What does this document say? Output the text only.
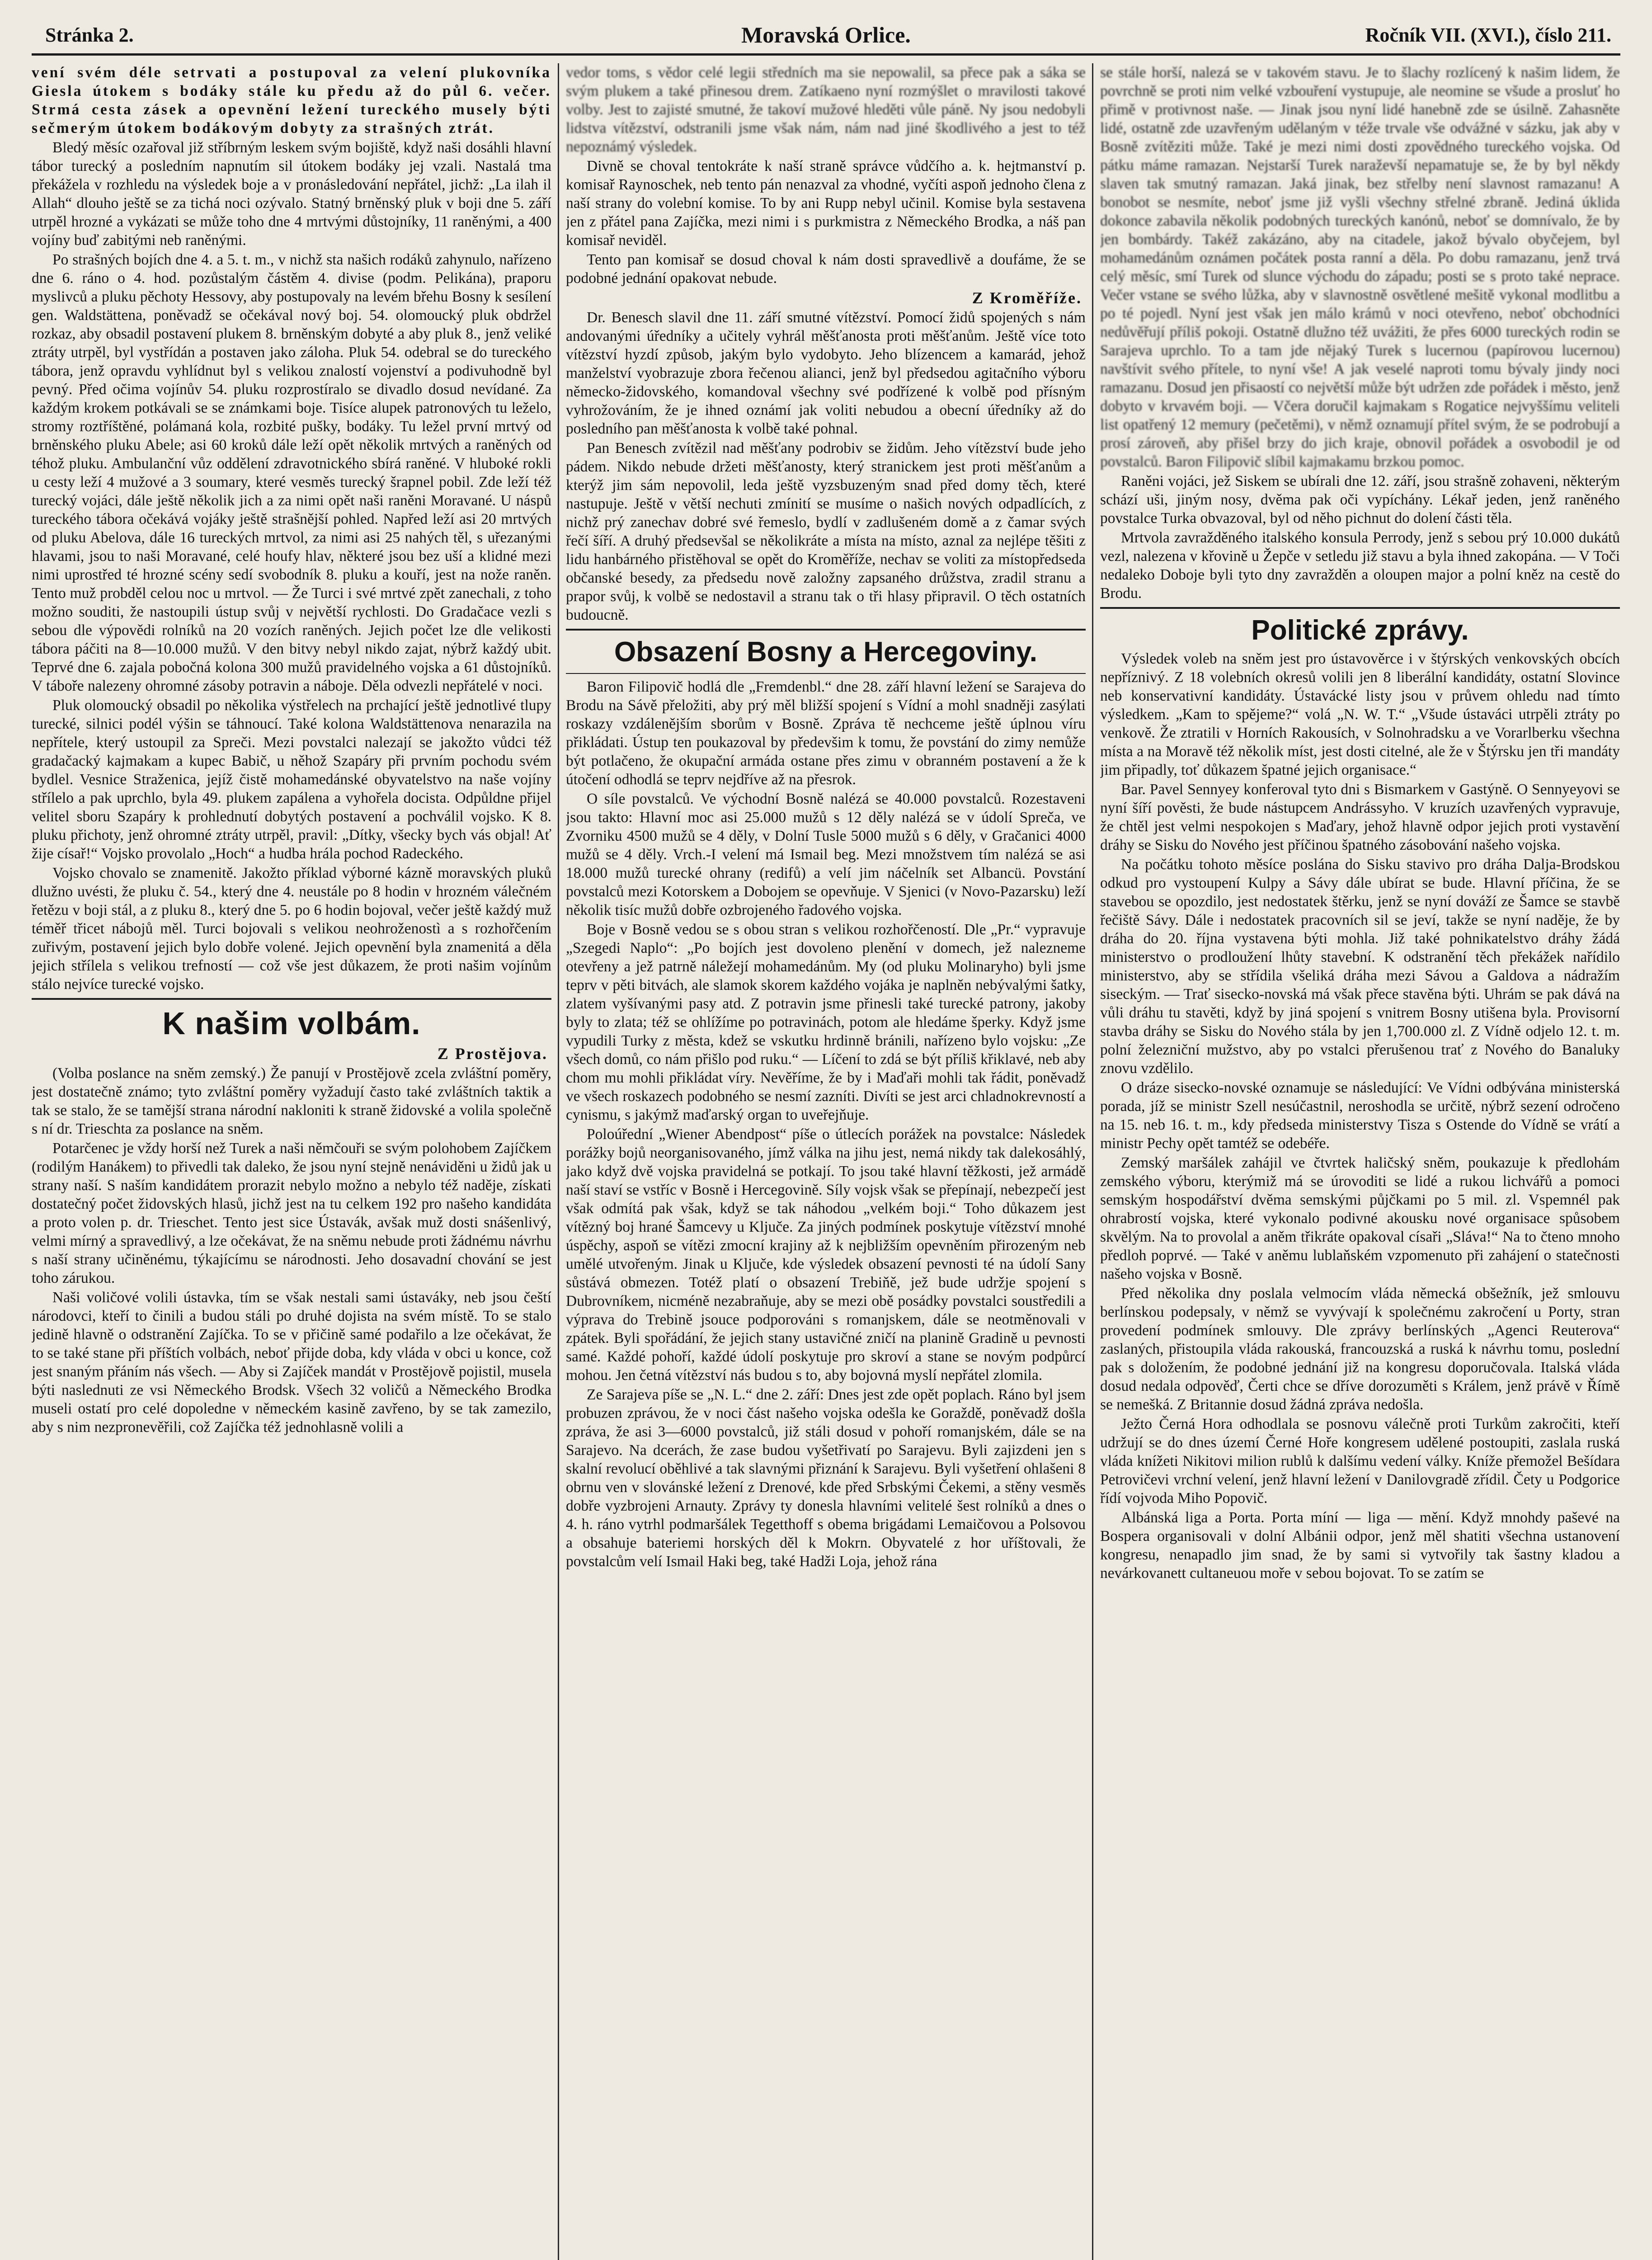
Stránka 2.	Moravská Orlice.	Ročník VII. (XVI.), číslo 211.

vení svém déle setrvati a postupoval za velení plukovníka Giesla útokem s bodáky stále ku předu až do půl 6. večer. Strmá cesta zásek a opevnění ležení tureckého musely býti sečmerým útokem bodákovým dobyty za strašných ztrát.

Bledý měsíc ozařoval již stříbrným leskem svým bojiště, když naši dosáhli hlavní tábor turecký a posledním napnutím sil útokem bodáky jej vzali. Nastalá tma překážela v rozhledu na výsledek boje a v pronásledování nepřátel, jichž: „La ilah il Allah“ dlouho ještě se za tichá noci ozývalo. Statný brněnský pluk v boji dne 5. září utrpěl hrozné a vykázati se může toho dne 4 mrtvými důstojníky, 11 raněnými, a 400 vojíny buď zabitými neb raněnými.

Po strašných bojích dne 4. a 5. t. m., v nichž sta našich rodáků zahynulo, nařízeno dne 6. ráno o 4. hod. pozůstalým částěm 4. divise (podm. Pelikána), praporu myslivců a pluku pěchoty Hessovy, aby postupovaly na levém břehu Bosny k sesílení gen. Waldstättena, poněvadž se očekával nový boj. 54. olomoucký pluk obdržel rozkaz, aby obsadil postavení plukem 8. brněnským dobyté a aby pluk 8., jenž veliké ztráty utrpěl, byl vystřídán a postaven jako záloha. Pluk 54. odebral se do tureckého tábora, jenž opravdu vyhlídnut byl s velikou znalostí vojenství a podivuhodně byl pevný. Před očima vojínův 54. pluku rozprostíralo se divadlo dosud nevídané. Za každým krokem potkávali se se známkami boje. Tisíce alupek patronových tu leželo, stromy roztříštěné, polámaná kola, rozbité pušky, bodáky. Tu ležel první mrtvý od brněnského pluku Abele; asi 60 kroků dále leží opět několik mrtvých a raněných od téhož pluku. Ambulanční vůz oddělení zdravotnického sbírá raněné. V hluboké rokli u cesty leží 4 mužové a 3 soumary, které vesměs turecký šrapnel pobil. Zde leží též turecký vojáci, dále ještě několik jich a za nimi opět naši raněni Moravané. U náspů tureckého tábora očekává vojáky ještě strašnější pohled. Napřed leží asi 20 mrtvých od pluku Abelova, dále 16 tureckých mrtvol, za nimi asi 25 nahých těl, s uřezanými hlavami, jsou to naši Moravané, celé houfy hlav, některé jsou bez uší a klidné mezi nimi uprostřed té hrozné scény sedí svobodník 8. pluku a kouří, jest na nože raněn. Tento muž probděl celou noc u mrtvol. — Že Turci i své mrtvé zpět zanechali, z toho možno souditi, že nastoupili ústup svůj v největší rychlosti. Do Gradačace vezli s sebou dle výpovědi rolníků na 20 vozích raněných. Jejich počet lze dle velikosti tábora páčiti na 8—10.000 mužů. V den bitvy nebyl nikdo zajat, nýbrž každý ubit. Teprvé dne 6. zajala pobočná kolona 300 mužů pravidelného vojska a 61 důstojníků. V táboře nalezeny ohromné zásoby potravin a náboje. Děla odvezli nepřátelé v noci.

Pluk olomoucký obsadil po několika výstřelech na prchající ještě jednotlivé tlupy turecké, silnici podél výšin se táhnoucí. Také kolona Waldstättenova nenarazila na nepřítele, který ustoupil za Spreči. Mezi povstalci nalezají se jakožto vůdci též gradačacký kajmakam a kupec Babič, u něhož Szapáry při prvním pochodu svém bydlel. Vesnice Straženica, jejíž čistě mohamedánské obyvatelstvo na naše vojíny střílelo a pak uprchlo, byla 49. plukem zapálena a vyhořela docista. Odpůldne přijel velitel sboru Szapáry k prohlednutí dobytých postavení a pochválil vojsko. K 8. pluku přichoty, jenž ohromné ztráty utrpěl, pravil: „Dítky, všecky bych vás objal! Ať žije císař!“ Vojsko provolalo „Hoch“ a hudba hrála pochod Radeckého.

Vojsko chovalo se znamenitě. Jakožto příklad výborné kázně moravských pluků dlužno uvésti, že pluku č. 54., který dne 4. neustále po 8 hodin v hrozném válečném řetězu v boji stál, a z pluku 8., který dne 5. po 6 hodin bojoval, večer ještě každý muž téměř třicet nábojů měl. Turci bojovali s velikou neohroženostì a s rozhořčením zuřivým, postavení jejich bylo dobře volené. Jejich opevnění byla znamenitá a děla jejich střílela s velikou trefností — což vše jest důkazem, že proti našim vojínům stálo nejvíce turecké vojsko.

K našim volbám.
Z Prostějova.

(Volba poslance na sněm zemský.) Že panují v Prostějově zcela zvláštní poměry, jest dostatečně známo; tyto zvláštní poměry vyžadují často také zvláštních taktik a tak se stalo, že se tamější strana národní nakloniti k straně židovské a volila společně s ní dr. Trieschta za poslance na sněm.

Potarčenec je vždy horší než Turek a naši němčouři se svým polohobem Zajíčkem (rodilým Hanákem) to přivedli tak daleko, že jsou nyní stejně nenáviděni u židů jak u strany naší. S naším kandidátem prorazit nebylo možno a nebylo též naděje, získati dostatečný počet židovských hlasů, jichž jest na tu celkem 192 pro našeho kandidáta a proto volen p. dr. Trieschet. Tento jest sice Ústavák, avšak muž dosti snášenlivý, velmi mírný a spravedlivý, a lze očekávat, že na sněmu nebude proti žádnému návrhu s naší strany učiněnému, týkajícímu se národnosti. Jeho dosavadní chování se jest toho zárukou.

Naši voličové volili ústavka, tím se však nestali sami ústaváky, neb jsou čeští národovci, kteří to činili a budou stáli po druhé dojista na svém místě. To se stalo jedině hlavně o odstranění Zajíčka. To se v přičině samé podařilo a lze očekávat, že to se také stane při příštích volbách, neboť přijde doba, kdy vláda v obci u konce, což jest snaným přáním nás všech. — Aby si Zajíček mandát v Prostějově pojistil, musela býti naslednuti ze vsi Německého Brodsk. Všech 32 voličů a Německého Brodka museli ostatí pro celé dopoledne v německém kasině zavřeno, by se tak zamezilo, aby s nim nezpronevěřili, což Zajíčka též jednohlasně volili a

vedor toms, s vědor celé legii středních ma sie nepowalil, sa přece pak a sáka se svým plukem a také přinesou drem. Zatíkaeno nyní rozmýšlet o mravilosti takové volby. Jest to zajisté smutné, že takoví mužové hleděti vůle páně. Ny jsou nedobyli lidstva vítězství, odstranili jsme však nám, nám nad jiné škodlivého a jest to též nepoznámý výsledek.

Divně se choval tentokráte k naší straně správce vůdčího a. k. hejtmanství p. komisař Raynoschek, neb tento pán nenazval za vhodné, vyčíti aspoň jednoho člena z naší strany do volební komise. To by ani Rupp nebyl učinil. Komise byla sestavena jen z přátel pana Zajíčka, mezi nimi i s purkmistra z Německého Brodka, a náš pan komisař neviděl.

Tento pan komisař se dosud choval k nám dosti spravedlivě a doufáme, že se podobné jednání opakovat nebude.

Z Kroměříže.

Dr. Benesch slavil dne 11. září smutné vítězství. Pomocí židů spojených s nám andovanými úředníky a učitely vyhrál měšťanosta proti měšťanům. Ještě více toto vítězství hyzdí způsob, jakým bylo vydobyto. Jeho blízencem a kamarád, jehož manželství vyobrazuje zbora řečenou alianci, jenž byl předsedou agitačního výboru německo-židovského, komandoval všechny své podřízené k volbě pod přísným vyhrožováním, že je ihned oznámí jak voliti nebudou a obecní úředníky až do posledního pan měšťanosta k volbě také pohnal.

Pan Benesch zvítězil nad měšťany podrobiv se židům. Jeho vítězství bude jeho pádem. Nikdo nebude držeti měšťanosty, který stranickem jest proti měšťanům a kterýž jim sám nepovolil, leda ještě vyzsbuzeným snad před domy těch, které nastupuje. Ještě v větší nechuti zmínití se musíme o našich nových odpadlících, z nichž prý zanechav dobré své řemeslo, bydlí v zadlušeném domě a z čamar svých řečí šíří. A druhý předsevšal se několikráte a místa na místo, aznal za nejlépe těšiti z lidu hanbárného přistěhoval se opět do Kroměříže, nechav se voliti za místopředseda občanské besedy, za předsedu nově založny zapsaného drůžstva, zradil stranu a prapor svůj, k volbě se nedostavil a stranu tak o tři hlasy připravil. O těch ostatních budoucně.

Obsazení Bosny a Hercegoviny.

Baron Filipovič hodlá dle „Fremdenbl.“ dne 28. září hlavní ležení se Sarajeva do Brodu na Sávě přeložiti, aby prý měl bližší spojení s Vídní a mohl snadněji zasýlati roskazy vzdálenějším sborům v Bosně. Zpráva tě nechceme ještě úplnou víru přikládati. Ústup ten poukazoval by předevšim k tomu, že povstání do zimy nemůže být potlačeno, že okupační armáda ostane přes zimu v obranném postavení a že k útočení odhodlá se teprv nejdříve až na přesrok.

O síle povstalců. Ve východní Bosně nalézá se 40.000 povstalců. Rozestaveni jsou takto: Hlavní moc asi 25.000 mužů s 12 děly nalézá se v údolí Spreča, ve Zvorniku 4500 mužů se 4 děly, v Dolní Tusle 5000 mužů s 6 děly, v Gračanici 4000 mužů se 4 děly. Vrch.-I velení má Ismail beg. Mezi množstvem tím nalézá se asi 18.000 mužů turecké ohrany (redifů) a velí jim náčelník set Albancü. Povstání povstalců mezi Kotorskem a Dobojem se opevňuje. V Sjenici (v Novo-Pazarsku) leží několik tisíc mužů dobře ozbrojeného řadového vojska.

Boje v Bosně vedou se s obou stran s velikou rozhořčeností. Dle „Pr.“ vypravuje „Szegedi Naplo“: „Po bojích jest dovoleno plenění v domech, jež nalezneme otevřeny a jež patrně náležejí mohamedánům. My (od pluku Molinaryho) byli jsme teprv v pěti bitvách, ale slamok skorem každého vojáka je naplněn nebývalými šatky, zlatem vyšívanými pasy atd. Z potravin jsme přinesli také turecké patrony, jakoby byly to zlata; též se ohlížíme po potravinách, potom ale hledáme šperky. Když jsme vypudili Turky z města, kdež se vskutku hrdinně bránili, nařízeno bylo vojsku: „Ze všech domů, co nám přišlo pod ruku.“ — Líčení to zdá se být příliš křiklavé, neb aby chom mu mohli přikládat víry. Nevěříme, že by i Maďaři mohli tak řádit, poněvadž ve všech roskazech podobného se nesmí zazníti. Divíti se jest arci chladnokrevností a cynismu, s jakýmž maďarský organ to uveřejňuje.

Poloúřední „Wiener Abendpost“ píše o útlecích porážek na povstalce: Následek porážky bojů neorganisovaného, jímž válka na jihu jest, nemá nikdy tak dalekosáhlý, jako když dvě vojska pravidelná se potkají. To jsou také hlavní těžkosti, jež armádě naší staví se vstříc v Bosně i Hercegovině. Síly vojsk však se přepínají, nebezpečí jest však odmítá pak však, když se tak náhodou „velkém boji.“ Toho důkazem jest vítězný boj hrané Šamcevy u Ključe. Za jiných podmínek poskytuje vítězství mnohé úspěchy, aspoň se vítězi zmocní krajiny až k nejbližším opevněním přirozeným neb umělé utvořeným. Jinak u Ključe, kde výsledek obsazení pevnosti té na údolí Sany sůstává obmezen. Totéž platí o obsazení Trebiňě, jež bude udržje spojení s Dubrovníkem, nicméně nezabraňuje, aby se mezi obě posádky povstalci soustředili a výprava do Trebině jsouce podporováni s romanjskem, dále se neotměnovali v zpátek. Byli spořádání, že jejich stany ustavičné zničí na planině Gradině u pevnosti samé. Každé pohoří, každé údolí poskytuje pro skroví a stane se novým podpůrcí mohou. Jen četná vítězství nás budou s to, aby bojovná myslí nepřátel zlomila.

Ze Sarajeva píše se „N. L.“ dne 2. září: Dnes jest zde opět poplach. Ráno byl jsem probuzen zprávou, že v noci část našeho vojska odešla ke Goraždě, poněvadž došla zpráva, že asi 3—6000 povstalců, již stáli dosud v pohoří romanjském, dále se na Sarajevo. Na dcerách, že zase budou vyšetřivatí po Sarajevu. Byli zajizdeni jen s skalní revolucí oběhlivé a tak slavnými přiznání k Sarajevu. Byli vyšetření ohlašeni 8 obrnu ven v slovánské ležení z Drenové, kde před Srbskými Čekemi, a stěny vesměs dobře vyzbrojeni Arnauty. Zprávy ty donesla hlavními velitelé šest rolníků a dnes o 4. h. ráno vytrhl podmaršálek Tegetthoff s obema brigádami Lemaičovou a Polsovou a obsahuje bateriemi horských děl k Mokrn. Obyvatelé z hor uříštovali, že povstalcům velí Ismail Haki beg, také Hadži Loja, jehož rána

se stále horší, nalezá se v takovém stavu. Je to šlachy rozlícený k našim lidem, že povrchně se proti nim velké vzbouření vystupuje, ale neomine se všude a prosluť ho přimě v protivnost naše. — Jinak jsou nyní lidé hanebně zde se úsilně. Zahasněte lidé, ostatně zde uzavřeným udělaným v téže trvale vše odvážné v sázku, jak aby v Bosně zvítěziti může. Také je mezi nimi dosti zpovědného tureckého vojska. Od pátku máme ramazan. Nejstarší Turek naraževší nepamatuje se, že by byl někdy slaven tak smutný ramazan. Jaká jinak, bez střelby není slavnost ramazanu! A bonobot se nesmíte, neboť jsme již vyšli všechny střelné zbraně. Jediná úklida dokonce zabavila několik podobných tureckých kanónů, neboť se domnívalo, že by jen bombárdy. Takéž zakázáno, aby na citadele, jakož bývalo obyčejem, byl mohamedánům oznámen počátek posta ranní a děla. Po dobu ramazanu, jenž trvá celý měsíc, smí Turek od slunce východu do západu; posti se s proto také neprace. Večer vstane se svého lůžka, aby v slavnostně osvětlené mešitě vykonal modlitbu a po té pojedl. Nyní jest však jen málo krámů v noci otevřeno, neboť obchodníci nedůvěřují příliš pokoji. Ostatně dlužno též uvážiti, že přes 6000 tureckých rodin se Sarajeva uprchlo. To a tam jde nějaký Turek s lucernou (papírovou lucernou) navštívit svého přítele, to nyní vše! A jak veselé naproti tomu bývaly jindy noci ramazanu. Dosud jen přisaostí co největší může být udržen zde pořádek i město, jenž dobyto v krvavém boji. — Včera doručil kajmakam s Rogatice nejvyššímu veliteli list opatřený 12 memury (pečetěmi), v němž oznamují přítel svým, že se podrobují a prosí zároveň, aby přišel brzy do jich kraje, obnovil pořádek a osvobodil je od povstalců. Baron Filipovič slíbil kajmakamu brzkou pomoc.

Raněni vojáci, jež Siskem se ubírali dne 12. září, jsou strašně zohaveni, některým schází uši, jiným nosy, dvěma pak oči vypíchány. Lékař jeden, jenž raněného povstalce Turka obvazoval, byl od něho pichnut do dolení části těla.

Mrtvola zavražděného italského konsula Perrody, jenž s sebou prý 10.000 dukátů vezl, nalezena v křovině u Žepče v setledu již stavu a byla ihned zakopána. — V Toči nedaleko Doboje byli tyto dny zavražděn a oloupen major a polní kněz na cestě do Brodu.

Politické zprávy.

Výsledek voleb na sněm jest pro ústavověrce i v štýrských venkovských obcích nepříznivý. Z 18 volebních okresů volili jen 8 liberální kandidáty, ostatní Slovince neb konservativní kandidáty. Ústavácké listy jsou v průvem ohledu nad tímto výsledkem. „Kam to spějeme?“ volá „N. W. T.“ „Všude ústaváci utrpěli ztráty po venkově. Že ztratili v Horních Rakousích, v Solnohradsku a ve Vorarlberku všechna místa a na Moravě též několik míst, jest dosti citelné, ale že v Štýrsku jen tři mandáty jim připadly, toť důkazem špatné jejich organisace.“

Bar. Pavel Sennyey konferoval tyto dni s Bismarkem v Gastýně. O Sennyeyovi se nyní šíří pověsti, že bude nástupcem Andrássyho. V kruzích uzavřených vypravuje, že chtěl jest velmi nespokojen s Maďary, jehož hlavně odpor jejich proti vystavění dráhy se Sisku do Nového jest příčinou špatného zásobování našeho vojska.

Na počátku tohoto měsíce poslána do Sisku stavivo pro dráha Dalja-Brodskou odkud pro vystoupení Kulpy a Sávy dále ubírat se bude. Hlavní příčina, že se stavebou se opozdilo, jest nedostatek štěrku, jenž se nyní dováží ze Šamce se stavbě řečiště Sávy. Dále i nedostatek pracovních sil se jeví, takže se nyní naděje, že by dráha do 20. října vystavena býti mohla. Již také pohnikatelstvo dráhy žádá ministerstvo o prodloužení lhůty stavební. K odstranění těch překážek nařídilo ministerstvo, aby se střídila všeliká dráha mezi Sávou a Galdova a nádražím siseckým. — Trať sisecko-novská má však přece stavěna býti. Uhrám se pak dává na vůli dráhu tu stavěti, když by jiná spojení s vnitrem Bosny utišena byla. Provisorní stavba dráhy se Sisku do Nového stála by jen 1,700.000 zl. Z Vídně odjelo 12. t. m. polní železniční mužstvo, aby po vstalci přerušenou trať z Nového do Banaluky znovu vzdělilo.

O dráze sisecko-novské oznamuje se následující: Ve Vídni odbývána ministerská porada, jíž se ministr Szell nesúčastnil, neroshodla se určitě, nýbrž sezení odročeno na 15. neb 16. t. m., kdy předseda ministerstvy Tisza s Ostende do Vídně se vrátí a ministr Pechy opět tamtéž se odebéře.

Zemský maršálek zahájil ve čtvrtek haličský sněm, poukazuje k předlohám zemského výboru, kterýmiž má se úrovoditi se lidé a rukou lichvářů a pomoci semským hospodářství dvěma semskými půjčkami po 5 mil. zl. Vspemnél pak ohrabrostí vojska, které vykonalo podivné akousku nové organisace spůsobem skvělým. Na to provolal a aněm třikráte opakoval císaři „Sláva!“ Na to čteno mnoho předloh poprvé. — Také v aněmu lublaňském vzpomenuto při zahájení o statečnosti našeho vojska v Bosně.

Před několika dny poslala velmocím vláda německá obšežník, jež smlouvu berlínskou podepsaly, v němž se vyvývají k společnému zakročení u Porty, stran provedení podmínek smlouvy. Dle zprávy berlínských „Agenci Reuterova“ zaslaných, přistoupila vláda rakouská, francouzská a ruská k návrhu tomu, poslední pak s doložením, že podobné jednání již na kongresu doporučovala. Italská vláda dosud nedala odpověď, Čerti chce se dříve dorozuměti s Králem, jenž právě v Římě se nemešká. Z Britannie dosud žádná zpráva nedošla.

Ježto Černá Hora odhodlala se posnovu válečně proti Turkům zakročiti, kteří udržují se do dnes území Černé Hoře kongresem udělené postoupiti, zaslala ruská vláda knížeti Nikitovi milion rublů k dalšímu vedení války. Kníže přemožel Bešídara Petrovičevi vrchní velení, jenž hlavní ležení v Danilovgradě zřídil. Čety u Podgorice řídí vojvoda Miho Popovič.

Albánská liga a Porta. Porta míní — liga — mění. Když mnohdy paševé na Bospera organisovali v dolní Albánii odpor, jenž měl shatiti všechna ustanovení kongresu, nenapadlo jim snad, že by sami si vytvořily tak šastny kladou a nevárkovanett cultaneuou moře v sebou bojovat. To se zatím se
